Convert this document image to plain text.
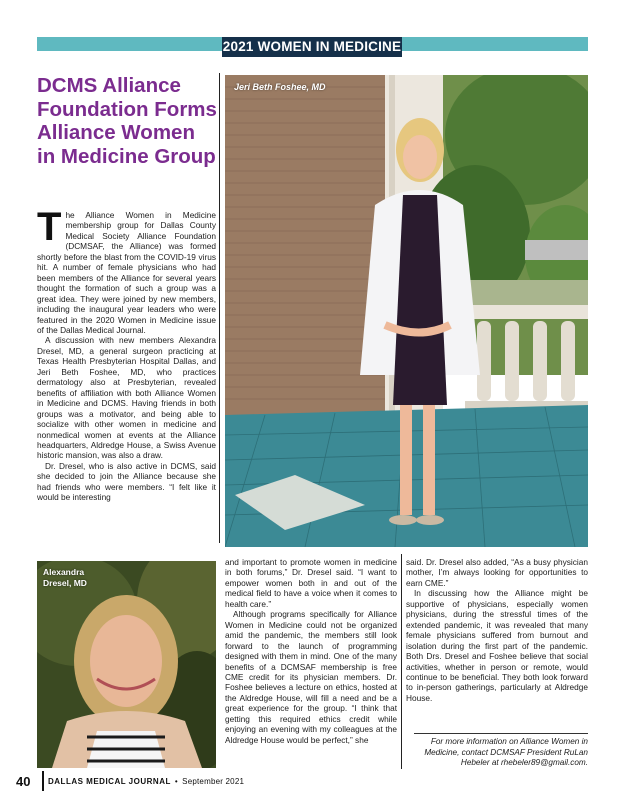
2021 WOMEN IN MEDICINE
DCMS Alliance Foundation Forms Alliance Women in Medicine Group

The Alliance Women in Medicine membership group for Dallas County Medical Society Alliance Foundation (DCMSAF, the Alliance) was formed shortly before the blast from the COVID-19 virus hit. A number of female physicians who had been members of the Alliance for several years thought the formation of such a group was a great idea. They were joined by new members, including the inaugural year leaders who were featured in the 2020 Women in Medicine issue of the Dallas Medical Journal.

A discussion with new members Alexandra Dresel, MD, a general surgeon practicing at Texas Health Presbyterian Hospital Dallas, and Jeri Beth Foshee, MD, who practices dermatology also at Presbyterian, revealed benefits of affiliation with both Alliance Women in Medicine and DCMS. Having friends in both groups was a motivator, and being able to socialize with other women in medicine and nonmedical women at events at the Alliance headquarters, Aldredge House, a Swiss Avenue historic mansion, was also a draw.

Dr. Dresel, who is also active in DCMS, said she decided to join the Alliance because she had friends who were members. “I felt like it would be interesting

Jeri Beth Foshee, MD
Alexandra
Dresel, MD

and important to promote women in medicine in both forums,” Dr. Dresel said. “I want to empower women both in and out of the medical field to have a voice when it comes to health care.”

Although programs specifically for Alliance Women in Medicine could not be organized amid the pandemic, the members still look forward to the launch of programming designed with them in mind. One of the many benefits of a DCMSAF membership is free CME credit for its physician members. Dr. Foshee believes a lecture on ethics, hosted at the Aldredge House, will fill a need and be a great experience for the group. “I think that getting this required ethics credit while enjoying an evening with my colleagues at the Aldredge House would be perfect,” she

said. Dr. Dresel also added, “As a busy physician mother, I’m always looking for opportunities to earn CME.”

In discussing how the Alliance might be supportive of physicians, especially women physicians, during the stressful times of the extended pandemic, it was revealed that many female physicians suffered from burnout and isolation during the first part of the pandemic. Both Drs. Dresel and Foshee believe that social activities, whether in person or remote, would continue to be beneficial. They both look forward to in-person gatherings, particularly at Aldredge House.

For more information on Alliance Women in Medicine, contact DCMSAF President RuLan Hebeler at rhebeler89@gmail.com.
40 DALLAS MEDICAL JOURNAL • September 2021
